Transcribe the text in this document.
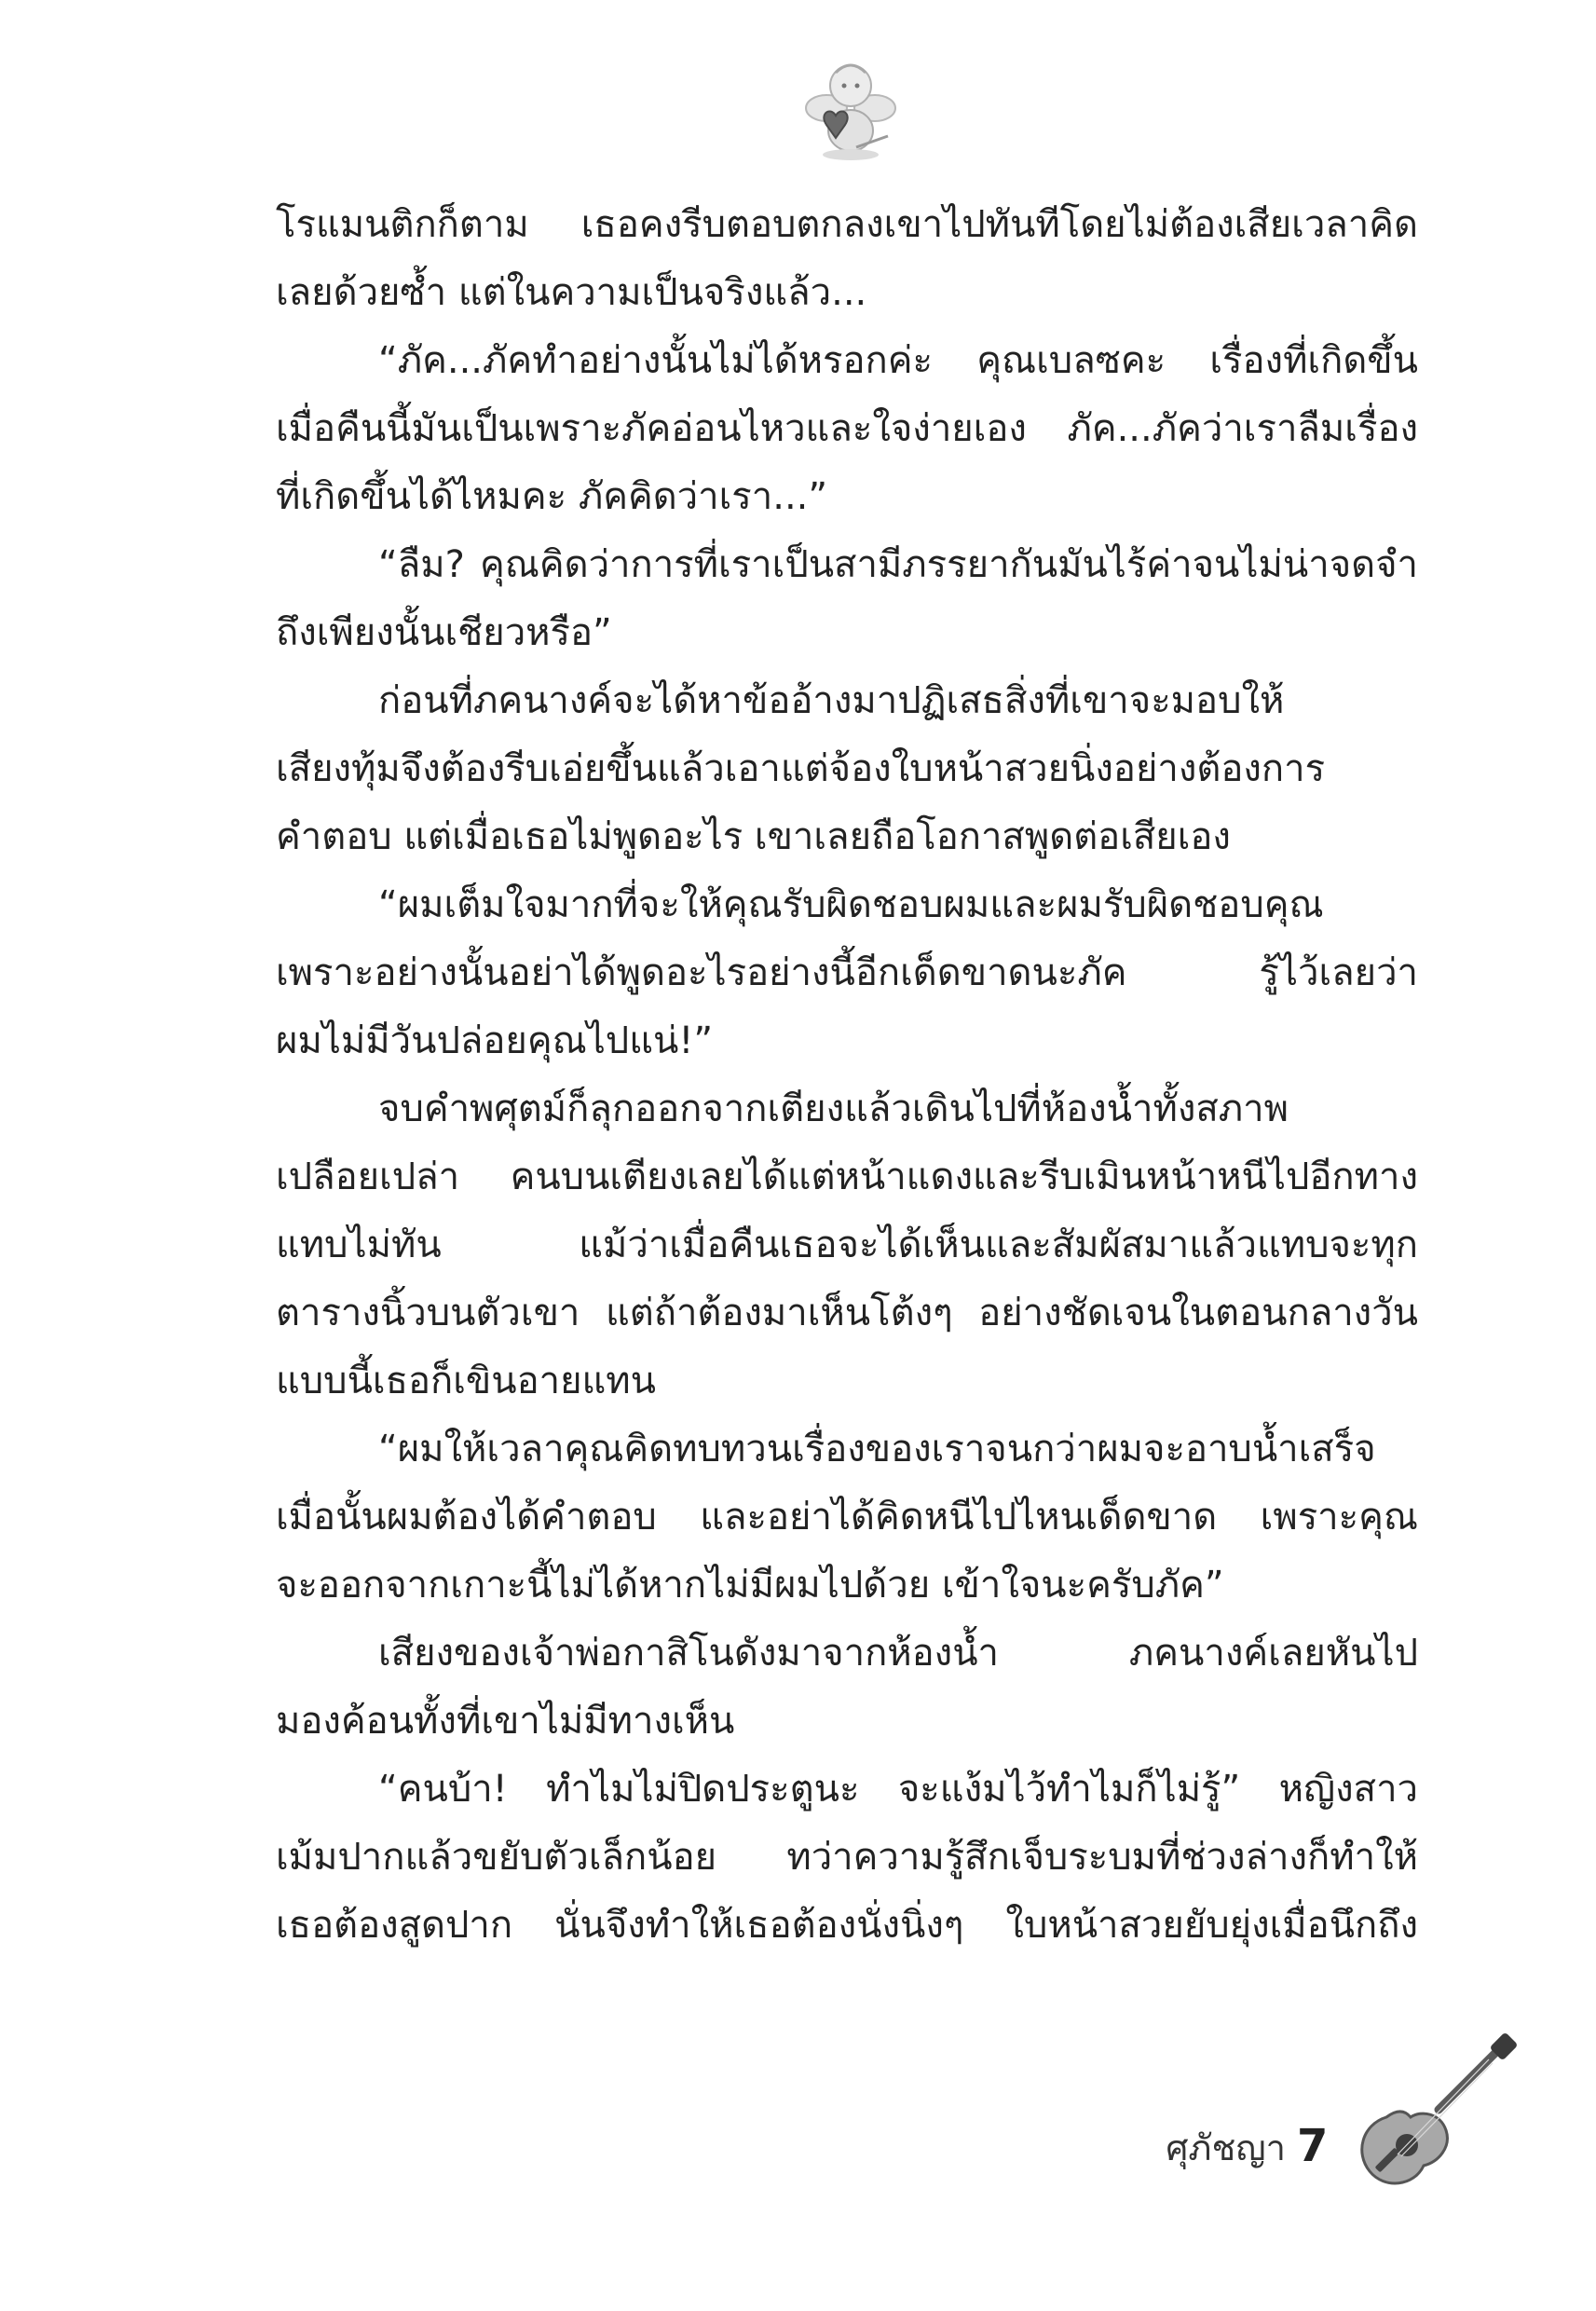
โรแมนติกก็ตาม เธอคงรีบตอบตกลงเขาไปทันทีโดยไม่ต้องเสียเวลาคิด
เลยด้วยซ้ำ แต่ในความเป็นจริงแล้ว...
“ภัค...ภัคทำอย่างนั้นไม่ได้หรอกค่ะ คุณเบลซคะ เรื่องที่เกิดขึ้น
เมื่อคืนนี้มันเป็นเพราะภัคอ่อนไหวและใจง่ายเอง ภัค...ภัคว่าเราลืมเรื่อง
ที่เกิดขึ้นได้ไหมคะ ภัคคิดว่าเรา...”
“ลืม? คุณคิดว่าการที่เราเป็นสามีภรรยากันมันไร้ค่าจนไม่น่าจดจำ
ถึงเพียงนั้นเชียวหรือ”
ก่อนที่ภคนางค์จะได้หาข้ออ้างมาปฏิเสธสิ่งที่เขาจะมอบให้
เสียงทุ้มจึงต้องรีบเอ่ยขึ้นแล้วเอาแต่จ้องใบหน้าสวยนิ่งอย่างต้องการ
คำตอบ แต่เมื่อเธอไม่พูดอะไร เขาเลยถือโอกาสพูดต่อเสียเอง
“ผมเต็มใจมากที่จะให้คุณรับผิดชอบผมและผมรับผิดชอบคุณ
เพราะอย่างนั้นอย่าได้พูดอะไรอย่างนี้อีกเด็ดขาดนะภัค รู้ไว้เลยว่า
ผมไม่มีวันปล่อยคุณไปแน่!”
จบคำพศุตม์ก็ลุกออกจากเตียงแล้วเดินไปที่ห้องน้ำทั้งสภาพ
เปลือยเปล่า คนบนเตียงเลยได้แต่หน้าแดงและรีบเมินหน้าหนีไปอีกทาง
แทบไม่ทัน แม้ว่าเมื่อคืนเธอจะได้เห็นและสัมผัสมาแล้วแทบจะทุก
ตารางนิ้วบนตัวเขา แต่ถ้าต้องมาเห็นโต้งๆ อย่างชัดเจนในตอนกลางวัน
แบบนี้เธอก็เขินอายแทน
“ผมให้เวลาคุณคิดทบทวนเรื่องของเราจนกว่าผมจะอาบน้ำเสร็จ
เมื่อนั้นผมต้องได้คำตอบ และอย่าได้คิดหนีไปไหนเด็ดขาด เพราะคุณ
จะออกจากเกาะนี้ไม่ได้หากไม่มีผมไปด้วย เข้าใจนะครับภัค”
เสียงของเจ้าพ่อกาสิโนดังมาจากห้องน้ำ ภคนางค์เลยหันไป
มองค้อนทั้งที่เขาไม่มีทางเห็น
“คนบ้า! ทำไมไม่ปิดประตูนะ จะแง้มไว้ทำไมก็ไม่รู้” หญิงสาว
เม้มปากแล้วขยับตัวเล็กน้อย ทว่าความรู้สึกเจ็บระบมที่ช่วงล่างก็ทำให้
เธอต้องสูดปาก นั่นจึงทำให้เธอต้องนั่งนิ่งๆ ใบหน้าสวยยับยุ่งเมื่อนึกถึง
ศุภัชญา 7
